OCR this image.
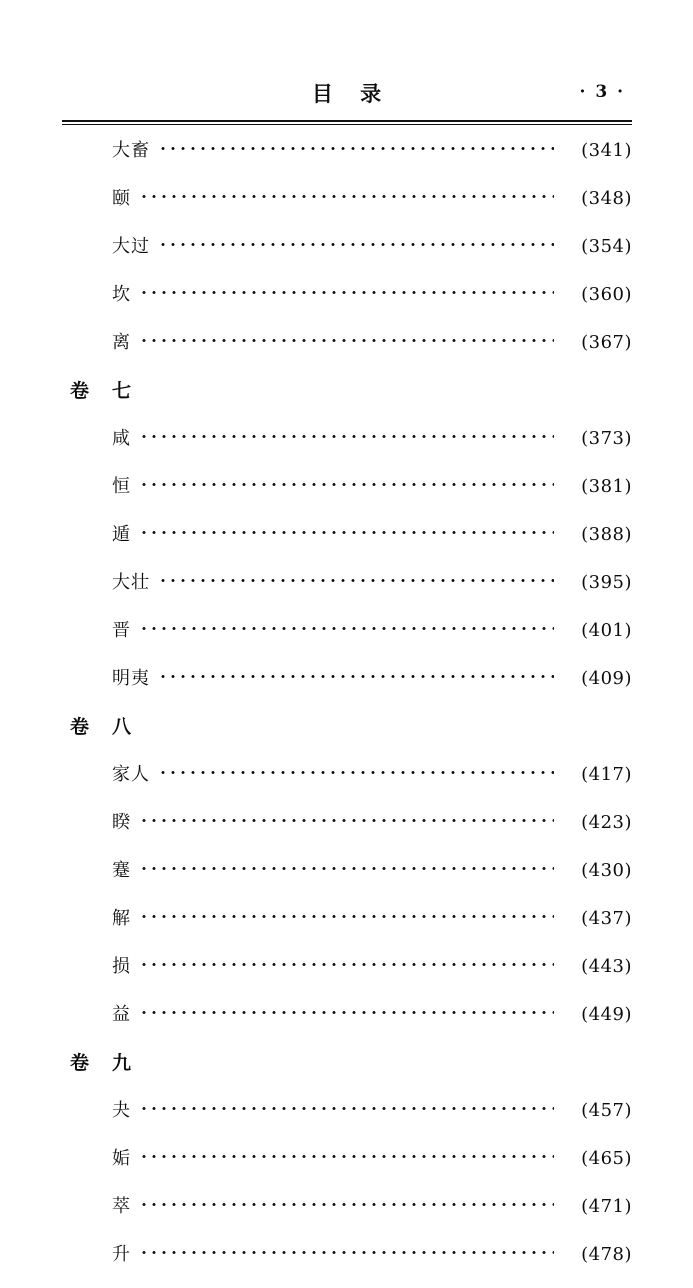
目 录	· 3 ·
大畜	(341)
颐	(348)
大过	(354)
坎	(360)
离	(367)
卷 七
咸	(373)
恒	(381)
遁	(388)
大壮	(395)
晋	(401)
明夷	(409)
卷 八
家人	(417)
睽	(423)
蹇	(430)
解	(437)
损	(443)
益	(449)
卷 九
夬	(457)
姤	(465)
萃	(471)
升	(478)
